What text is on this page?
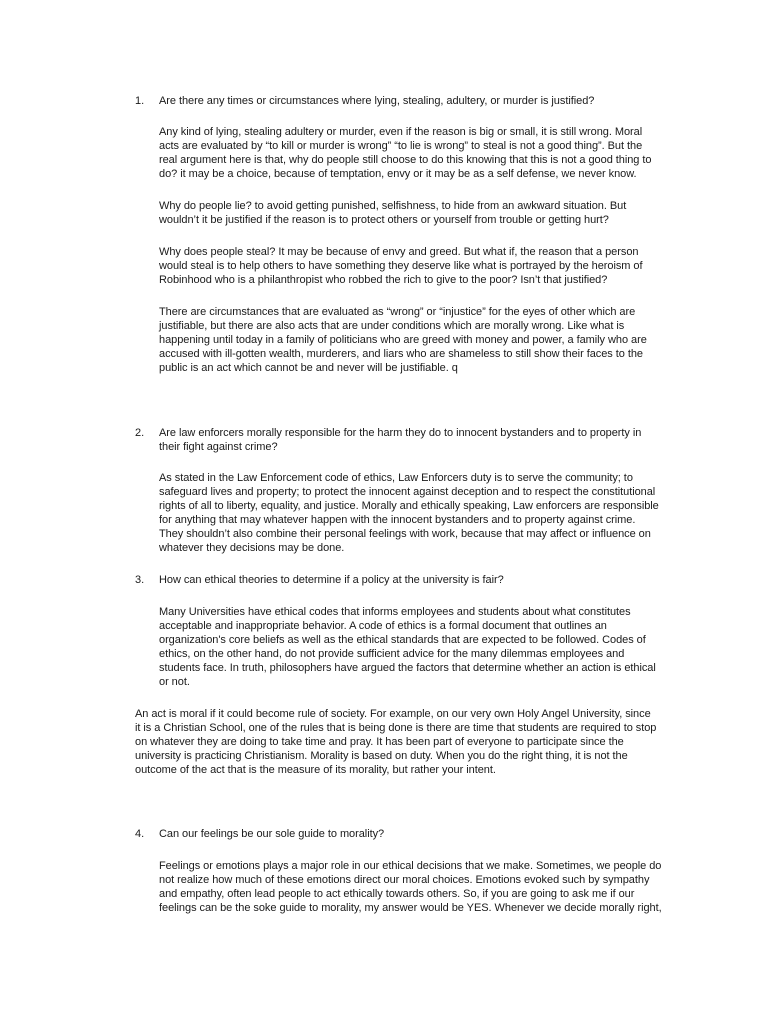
1.	Are there any times or circumstances where lying, stealing, adultery, or murder is justified?
Any kind of lying, stealing adultery or murder, even if the reason is big or small, it is still wrong. Moral
acts are evaluated by “to kill or murder is wrong” “to lie is wrong” to steal is not a good thing”. But the
real argument here is that, why do people still choose to do this knowing that this is not a good thing to
do? it may be a choice, because of temptation, envy or it may be as a self defense, we never know.
Why do people lie? to avoid getting punished, selfishness, to hide from an awkward situation. But
wouldn’t it be justified if the reason is to protect others or yourself from trouble or getting hurt?
Why does people steal? It may be because of envy and greed. But what if, the reason that a person
would steal is to help others to have something they deserve like what is portrayed by the heroism of
Robinhood who is a philanthropist who robbed the rich to give to the poor? Isn’t that justified?
There are circumstances that are evaluated as “wrong” or “injustice” for the eyes of other which are
justifiable, but there are also acts that are under conditions which are morally wrong. Like what is
happening until today in a family of politicians who are greed with money and power, a family who are
accused with ill-gotten wealth, murderers, and liars who are shameless to still show their faces to the
public is an act which cannot be and never will be justifiable. q
2.	Are law enforcers morally responsible for the harm they do to innocent bystanders and to property in
their fight against crime?
As stated in the Law Enforcement code of ethics, Law Enforcers duty is to serve the community; to
safeguard lives and property; to protect the innocent against deception and to respect the constitutional
rights of all to liberty, equality, and justice. Morally and ethically speaking, Law enforcers are responsible
for anything that may whatever happen with the innocent bystanders and to property against crime.
They shouldn’t also combine their personal feelings with work, because that may affect or influence on
whatever they decisions may be done.
3.	How can ethical theories to determine if a policy at the university is fair?
Many Universities have ethical codes that informs employees and students about what constitutes
acceptable and inappropriate behavior. A code of ethics is a formal document that outlines an
organization's core beliefs as well as the ethical standards that are expected to be followed. Codes of
ethics, on the other hand, do not provide sufficient advice for the many dilemmas employees and
students face. In truth, philosophers have argued the factors that determine whether an action is ethical
or not.
An act is moral if it could become rule of society. For example, on our very own Holy Angel University, since
it is a Christian School, one of the rules that is being done is there are time that students are required to stop
on whatever they are doing to take time and pray. It has been part of everyone to participate since the
university is practicing Christianism. Morality is based on duty. When you do the right thing, it is not the
outcome of the act that is the measure of its morality, but rather your intent.
4.	Can our feelings be our sole guide to morality?
Feelings or emotions plays a major role in our ethical decisions that we make. Sometimes, we people do
not realize how much of these emotions direct our moral choices. Emotions evoked such by sympathy
and empathy, often lead people to act ethically towards others. So, if you are going to ask me if our
feelings can be the soke guide to morality, my answer would be YES. Whenever we decide morally right,
